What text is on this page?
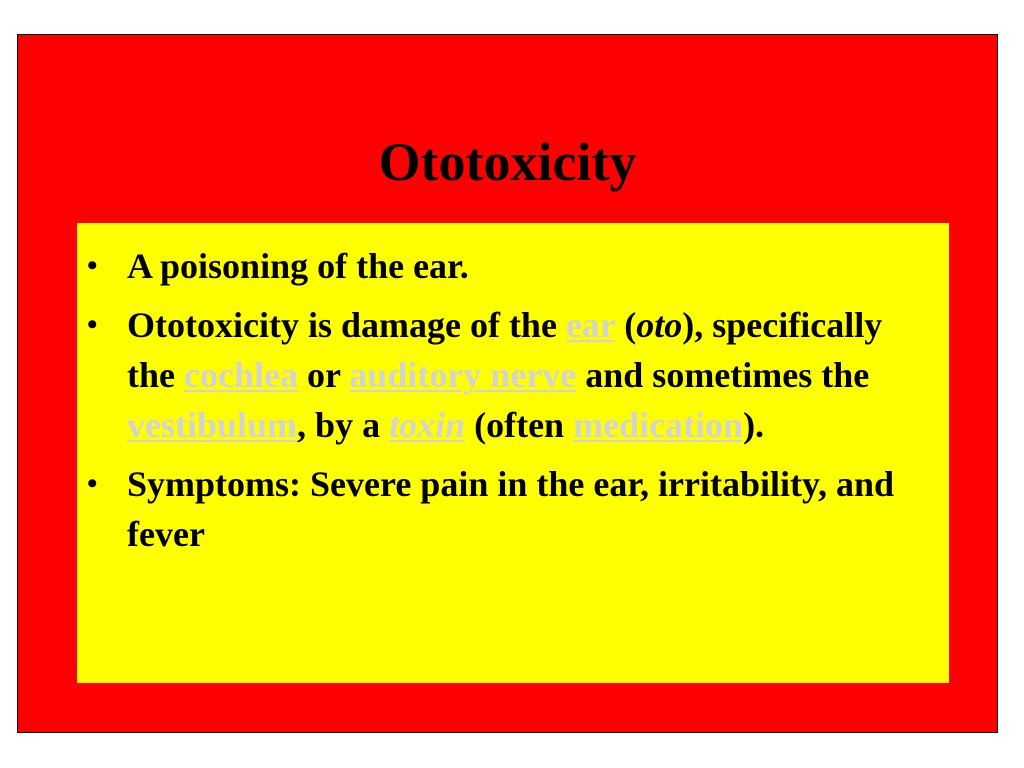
Ototoxicity
• A poisoning of the ear.
• Ototoxicity is damage of the ear (oto), specifically the cochlea or auditory nerve and sometimes the vestibulum, by a toxin (often medication).
• Symptoms: Severe pain in the ear, irritability, and fever
